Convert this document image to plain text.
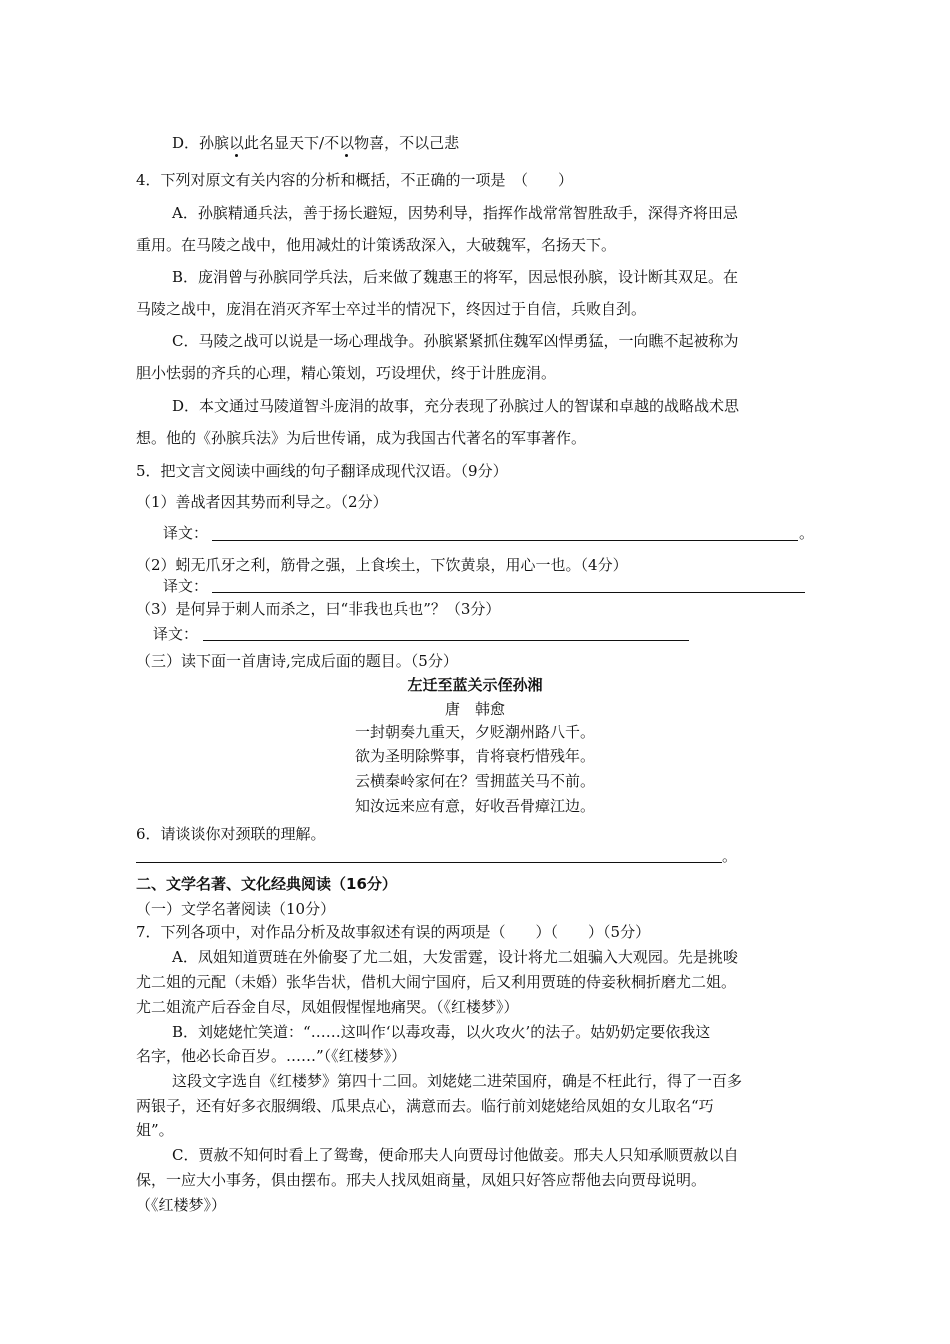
D．孙膑以此名显天下/不以物喜，不以己悲
4．下列对原文有关内容的分析和概括，不正确的一项是　（　　）
A．孙膑精通兵法，善于扬长避短，因势利导，指挥作战常常智胜敌手，深得齐将田忌
重用。在马陵之战中，他用减灶的计策诱敌深入，大破魏军，名扬天下。
B．庞涓曾与孙膑同学兵法，后来做了魏惠王的将军，因忌恨孙膑，设计断其双足。在
马陵之战中，庞涓在消灭齐军士卒过半的情况下，终因过于自信，兵败自刭。
C．马陵之战可以说是一场心理战争。孙膑紧紧抓住魏军凶悍勇猛，一向瞧不起被称为
胆小怯弱的齐兵的心理，精心策划，巧设埋伏，终于计胜庞涓。
D．本文通过马陵道智斗庞涓的故事，充分表现了孙膑过人的智谋和卓越的战略战术思
想。他的《孙膑兵法》为后世传诵，成为我国古代著名的军事著作。
5．把文言文阅读中画线的句子翻译成现代汉语。（9分）
（1）善战者因其势而利导之。（2分）
译文：	。
（2）蚓无爪牙之利，筋骨之强，上食埃土，下饮黄泉，用心一也。（4分）
译文：
（3）是何异于刺人而杀之，曰“非我也兵也”？（3分）
译文：
（三）读下面一首唐诗,完成后面的题目。（5分）
左迁至蓝关示侄孙湘
唐　韩愈
一封朝奏九重天，夕贬潮州路八千。
欲为圣明除弊事，肯将衰朽惜残年。
云横秦岭家何在？雪拥蓝关马不前。
知汝远来应有意，好收吾骨瘴江边。
6．请谈谈你对颈联的理解。
。
二、文学名著、文化经典阅读（16分）
（一）文学名著阅读（10分）
7．下列各项中，对作品分析及故事叙述有误的两项是（　　）（　　）（5分）
A．凤姐知道贾琏在外偷娶了尤二姐，大发雷霆，设计将尤二姐骗入大观园。先是挑唆
尤二姐的元配（未婚）张华告状，借机大闹宁国府，后又利用贾琏的侍妾秋桐折磨尤二姐。
尤二姐流产后吞金自尽，凤姐假惺惺地痛哭。（《红楼梦》）
B．刘姥姥忙笑道：“……这叫作‘以毒攻毒，以火攻火’的法子。姑奶奶定要依我这
名字，他必长命百岁。……”（《红楼梦》）
这段文字选自《红楼梦》第四十二回。刘姥姥二进荣国府，确是不枉此行，得了一百多
两银子，还有好多衣服绸缎、瓜果点心，满意而去。临行前刘姥姥给凤姐的女儿取名“巧
姐”。
C．贾赦不知何时看上了鸳鸯，便命邢夫人向贾母讨他做妾。邢夫人只知承顺贾赦以自
保，一应大小事务，俱由摆布。邢夫人找凤姐商量，凤姐只好答应帮他去向贾母说明。
（《红楼梦》）
